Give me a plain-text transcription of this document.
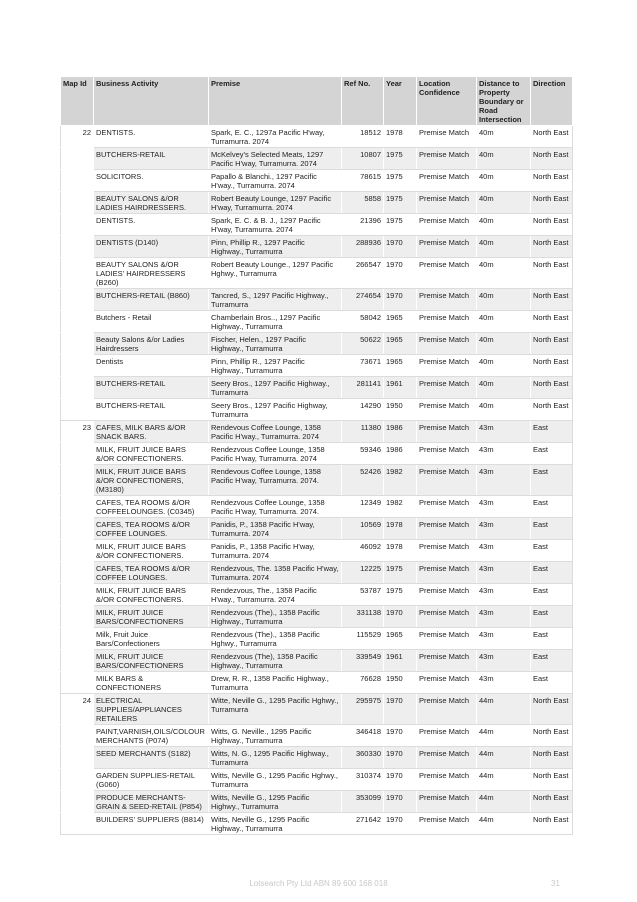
Map Id	Business Activity	Premise	Ref No.	Year	Location Confidence	Distance to Property Boundary or Road Intersection	Direction
22	DENTISTS.	Spark, E. C., 1297a Pacific H'way, Turramurra. 2074	18512	1978	Premise Match	40m	North East
	BUTCHERS-RETAIL	McKelvey's Selected Meats, 1297 Pacific H'way, Turramurra. 2074	10807	1975	Premise Match	40m	North East
	SOLICITORS.	Papallo & Blanchi., 1297 Pacific H'way., Turramurra. 2074	78615	1975	Premise Match	40m	North East
	BEAUTY SALONS &/OR LADIES HAIRDRESSERS.	Robert Beauty Lounge, 1297 Pacific H'way, Turramurra. 2074	5858	1975	Premise Match	40m	North East
	DENTISTS.	Spark, E. C. & B. J., 1297 Pacific H'way, Turramurra. 2074	21396	1975	Premise Match	40m	North East
	DENTISTS (D140)	Pinn, Phillip R., 1297 Pacific Highway., Turramurra	288936	1970	Premise Match	40m	North East
	BEAUTY SALONS &/OR LADIES' HAIRDRESSERS (B260)	Robert Beauty Lounge., 1297 Pacific Hghwy., Turramurra	266547	1970	Premise Match	40m	North East
	BUTCHERS-RETAIL (B860)	Tancred, S., 1297 Pacific Highway., Turramurra	274654	1970	Premise Match	40m	North East
	Butchers - Retail	Chamberlain Bros.., 1297 Pacific Highway., Turramurra	58042	1965	Premise Match	40m	North East
	Beauty Salons &/or Ladies Hairdressers	Fischer, Helen., 1297 Pacific Highway., Turramurra	50622	1965	Premise Match	40m	North East
	Dentists	Pinn, Phillip R., 1297 Pacific Highway., Turramurra	73671	1965	Premise Match	40m	North East
	BUTCHERS-RETAIL	Seery Bros., 1297 Pacific Highway., Turramurra	281141	1961	Premise Match	40m	North East
	BUTCHERS-RETAIL	Seery Bros., 1297 Pacific Highway, Turramurra	14290	1950	Premise Match	40m	North East
23	CAFES, MILK BARS &/OR SNACK BARS.	Rendevous Coffee Lounge, 1358 Pacific H'way., Turramurra. 2074	11380	1986	Premise Match	43m	East
	MILK, FRUIT JUICE BARS &/OR CONFECTIONERS.	Rendezvous Coffee Lounge, 1358 Pacific H'way, Turramurra. 2074	59346	1986	Premise Match	43m	East
	MILK, FRUIT JUICE BARS &/OR CONFECTIONERS, (M3180)	Rendevous Coffee Lounge, 1358 Pacific H'way, Turramurra. 2074.	52426	1982	Premise Match	43m	East
	CAFES, TEA ROOMS &/OR COFFEELOUNGES. (C0345)	Rendezvous Coffee Lounge, 1358 Pacific H'way, Turramurra. 2074.	12349	1982	Premise Match	43m	East
	CAFES, TEA ROOMS &/OR COFFEE LOUNGES.	Panidis, P., 1358 Pacific H'way, Turramurra. 2074	10569	1978	Premise Match	43m	East
	MILK, FRUIT JUICE BARS &/OR CONFECTIONERS.	Panidis, P., 1358 Pacific H'way, Turramurra. 2074	46092	1978	Premise Match	43m	East
	CAFES, TEA ROOMS &/OR COFFEE LOUNGES.	Rendezvous, The. 1358 Pacific H'way, Turramurra. 2074	12225	1975	Premise Match	43m	East
	MILK, FRUIT JUICE BARS &/OR CONFECTIONERS.	Rendezvous, The., 1358 Pacific H'way., Turramurra. 2074	53787	1975	Premise Match	43m	East
	MILK, FRUIT JUICE BARS/CONFECTIONERS	Rendezvous (The)., 1358 Pacific Highway., Turramurra	331138	1970	Premise Match	43m	East
	Milk, Fruit Juice Bars/Confectioners	Rendezvous (The)., 1358 Pacific Hghwy., Turramurra	115529	1965	Premise Match	43m	East
	MILK, FRUIT JUICE BARS/CONFECTIONERS	Rendezvous (The), 1358 Pacific Highway., Turramurra	339549	1961	Premise Match	43m	East
	MILK BARS & CONFECTIONERS	Drew, R. R., 1358 Pacific Highway., Turramurra	76628	1950	Premise Match	43m	East
24	ELECTRICAL SUPPLIES/APPLIANCES RETAILERS	Witte, Neville G., 1295 Pacific Hghwy., Turramurra	295975	1970	Premise Match	44m	North East
	PAINT,VARNISH,OILS/COLOUR MERCHANTS (P074)	Witts, G. Neville., 1295 Pacific Highway., Turramurra	346418	1970	Premise Match	44m	North East
	SEED MERCHANTS (S182)	Witts, N. G., 1295 Pacific Highway., Turramurra	360330	1970	Premise Match	44m	North East
	GARDEN SUPPLIES-RETAIL (G060)	Witts, Neville G., 1295 Pacific Hghwy., Turramurra	310374	1970	Premise Match	44m	North East
	PRODUCE MERCHANTS-GRAIN & SEED-RETAIL (P854)	Witts, Neville G., 1295 Pacific Highwy., Turramurra	353099	1970	Premise Match	44m	North East
	BUILDERS' SUPPLIERS (B814)	Witts, Neville G., 1295 Pacific Highway., Turramurra	271642	1970	Premise Match	44m	North East
Lotsearch Pty Ltd ABN 89 600 168 018	31
